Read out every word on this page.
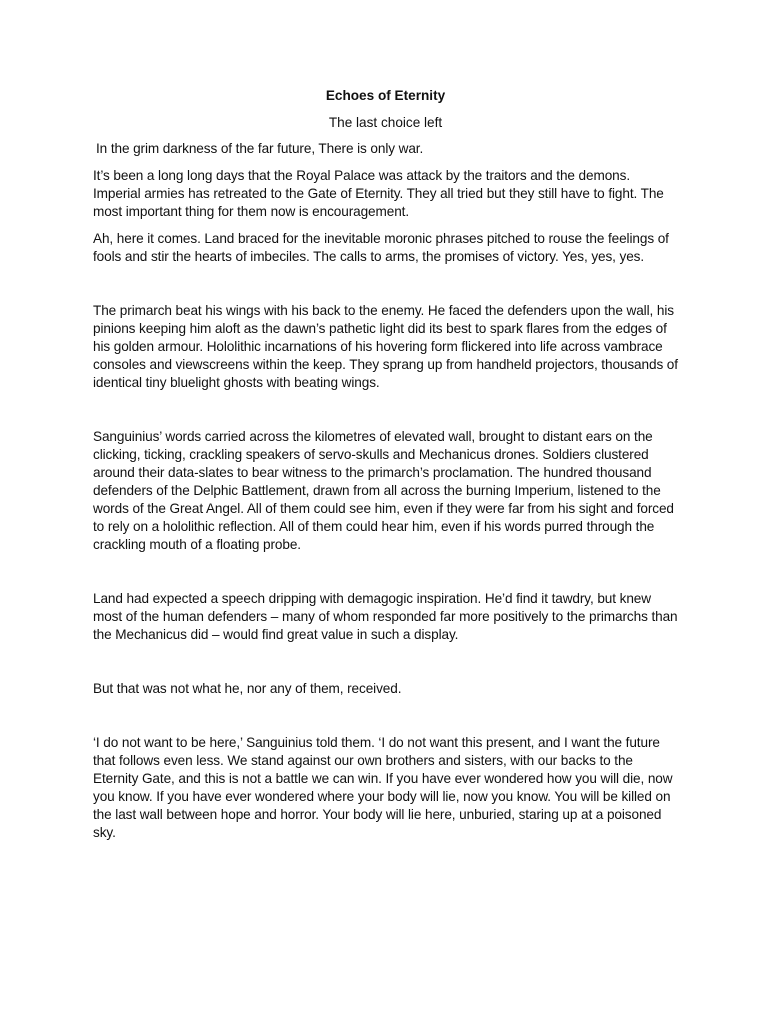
Echoes of Eternity
The last choice left

In the grim darkness of the far future, There is only war.

It’s been a long long days that the Royal Palace was attack by the traitors and the demons. Imperial armies has retreated to the Gate of Eternity. They all tried but they still have to fight. The most important thing for them now is encouragement.

Ah, here it comes. Land braced for the inevitable moronic phrases pitched to rouse the feelings of fools and stir the hearts of imbeciles. The calls to arms, the promises of victory. Yes, yes, yes.

The primarch beat his wings with his back to the enemy. He faced the defenders upon the wall, his pinions keeping him aloft as the dawn’s pathetic light did its best to spark flares from the edges of his golden armour. Hololithic incarnations of his hovering form flickered into life across vambrace consoles and viewscreens within the keep. They sprang up from handheld projectors, thousands of identical tiny bluelight ghosts with beating wings.

Sanguinius’ words carried across the kilometres of elevated wall, brought to distant ears on the clicking, ticking, crackling speakers of servo-skulls and Mechanicus drones. Soldiers clustered around their data-slates to bear witness to the primarch’s proclamation. The hundred thousand defenders of the Delphic Battlement, drawn from all across the burning Imperium, listened to the words of the Great Angel. All of them could see him, even if they were far from his sight and forced to rely on a hololithic reflection. All of them could hear him, even if his words purred through the crackling mouth of a floating probe.

Land had expected a speech dripping with demagogic inspiration. He’d find it tawdry, but knew most of the human defenders – many of whom responded far more positively to the primarchs than the Mechanicus did – would find great value in such a display.

But that was not what he, nor any of them, received.

‘I do not want to be here,’ Sanguinius told them. ‘I do not want this present, and I want the future that follows even less. We stand against our own brothers and sisters, with our backs to the Eternity Gate, and this is not a battle we can win. If you have ever wondered how you will die, now you know. If you have ever wondered where your body will lie, now you know. You will be killed on the last wall between hope and horror. Your body will lie here, unburied, staring up at a poisoned sky.
